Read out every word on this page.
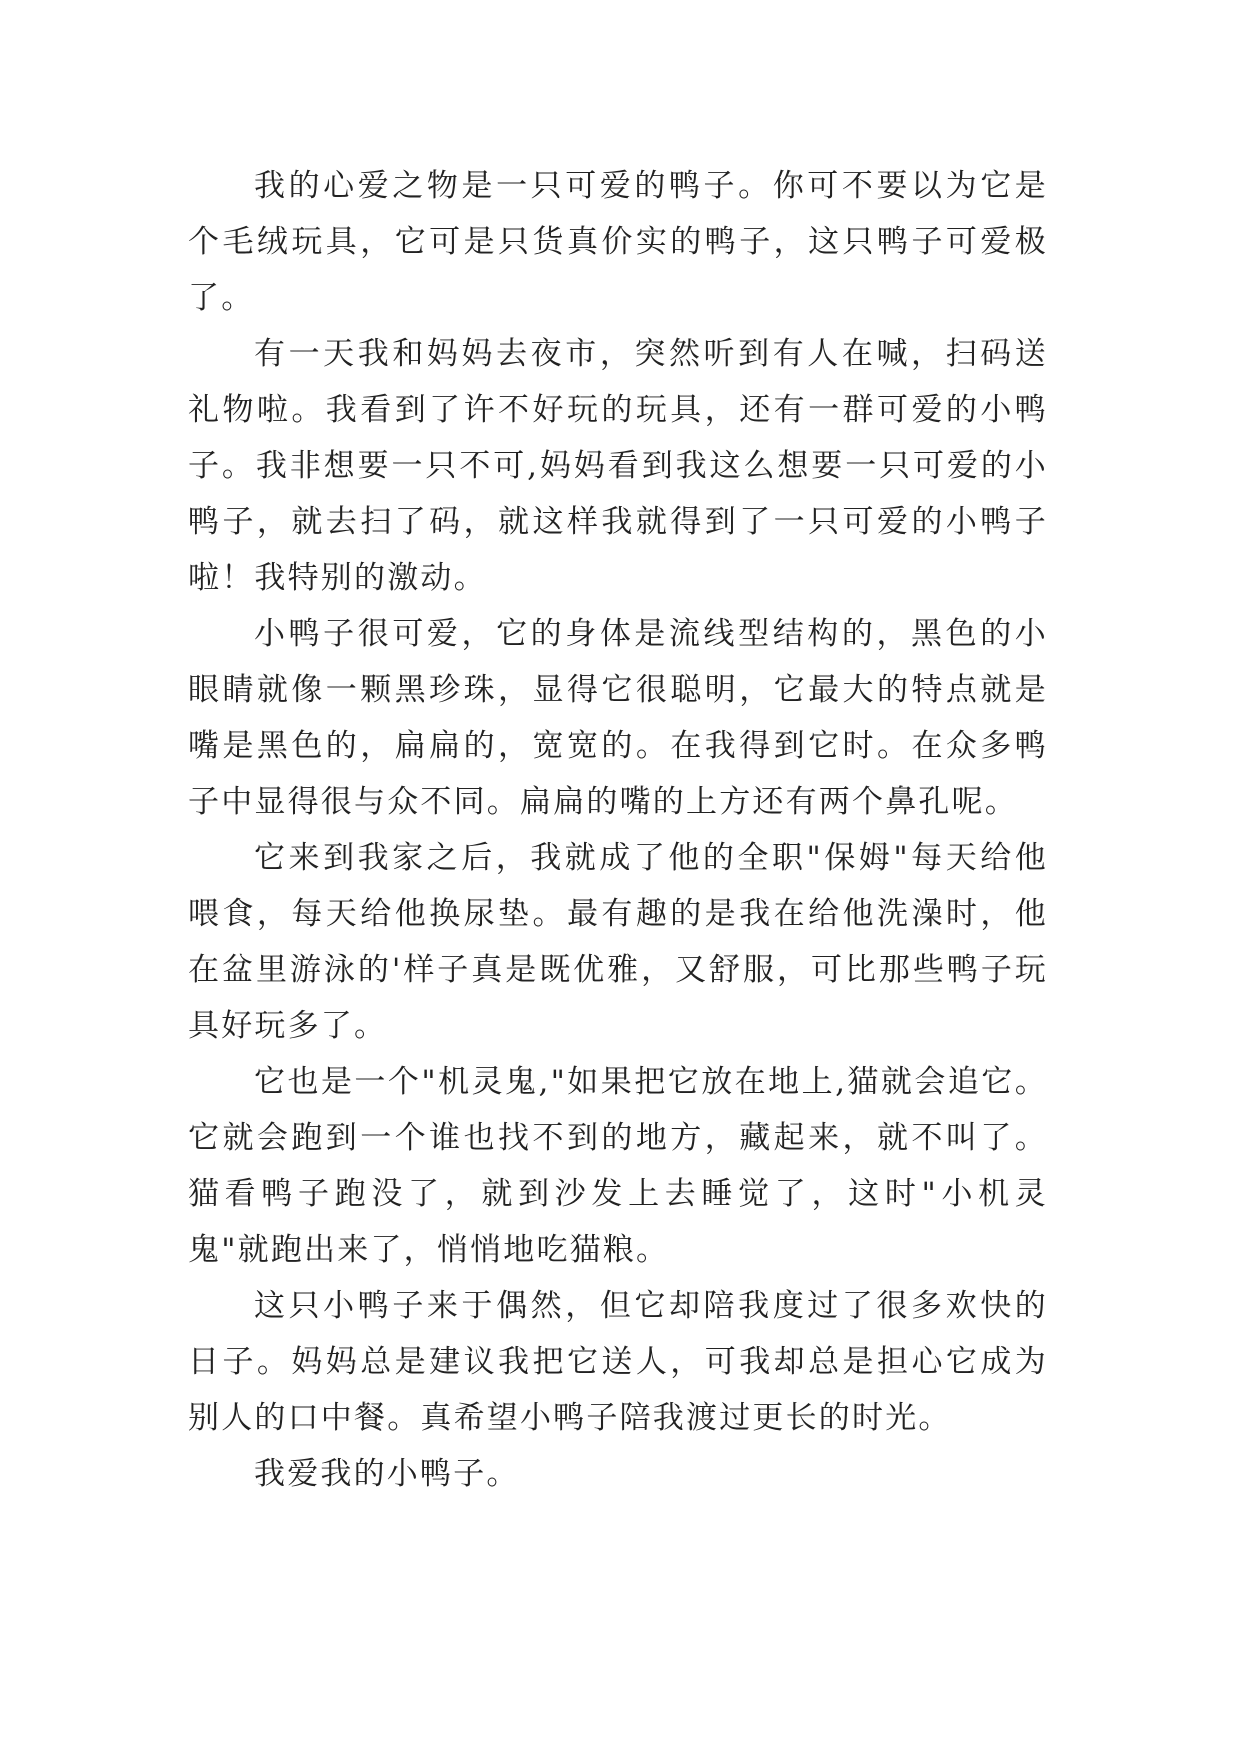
我的心爱之物是一只可爱的鸭子。你可不要以为它是个毛绒玩具，它可是只货真价实的鸭子，这只鸭子可爱极了。

有一天我和妈妈去夜市，突然听到有人在喊，扫码送礼物啦。我看到了许不好玩的玩具，还有一群可爱的小鸭子。我非想要一只不可,妈妈看到我这么想要一只可爱的小鸭子，就去扫了码，就这样我就得到了一只可爱的小鸭子啦！我特别的激动。

小鸭子很可爱，它的身体是流线型结构的，黑色的小眼睛就像一颗黑珍珠，显得它很聪明，它最大的特点就是嘴是黑色的，扁扁的，宽宽的。在我得到它时。在众多鸭子中显得很与众不同。扁扁的嘴的上方还有两个鼻孔呢。

它来到我家之后，我就成了他的全职"保姆"每天给他喂食，每天给他换尿垫。最有趣的是我在给他洗澡时，他在盆里游泳的'样子真是既优雅，又舒服，可比那些鸭子玩具好玩多了。

它也是一个"机灵鬼,"如果把它放在地上,猫就会追它。它就会跑到一个谁也找不到的地方，藏起来，就不叫了。猫看鸭子跑没了，就到沙发上去睡觉了，这时"小机灵鬼"就跑出来了，悄悄地吃猫粮。

这只小鸭子来于偶然，但它却陪我度过了很多欢快的日子。妈妈总是建议我把它送人，可我却总是担心它成为别人的口中餐。真希望小鸭子陪我渡过更长的时光。

我爱我的小鸭子。
